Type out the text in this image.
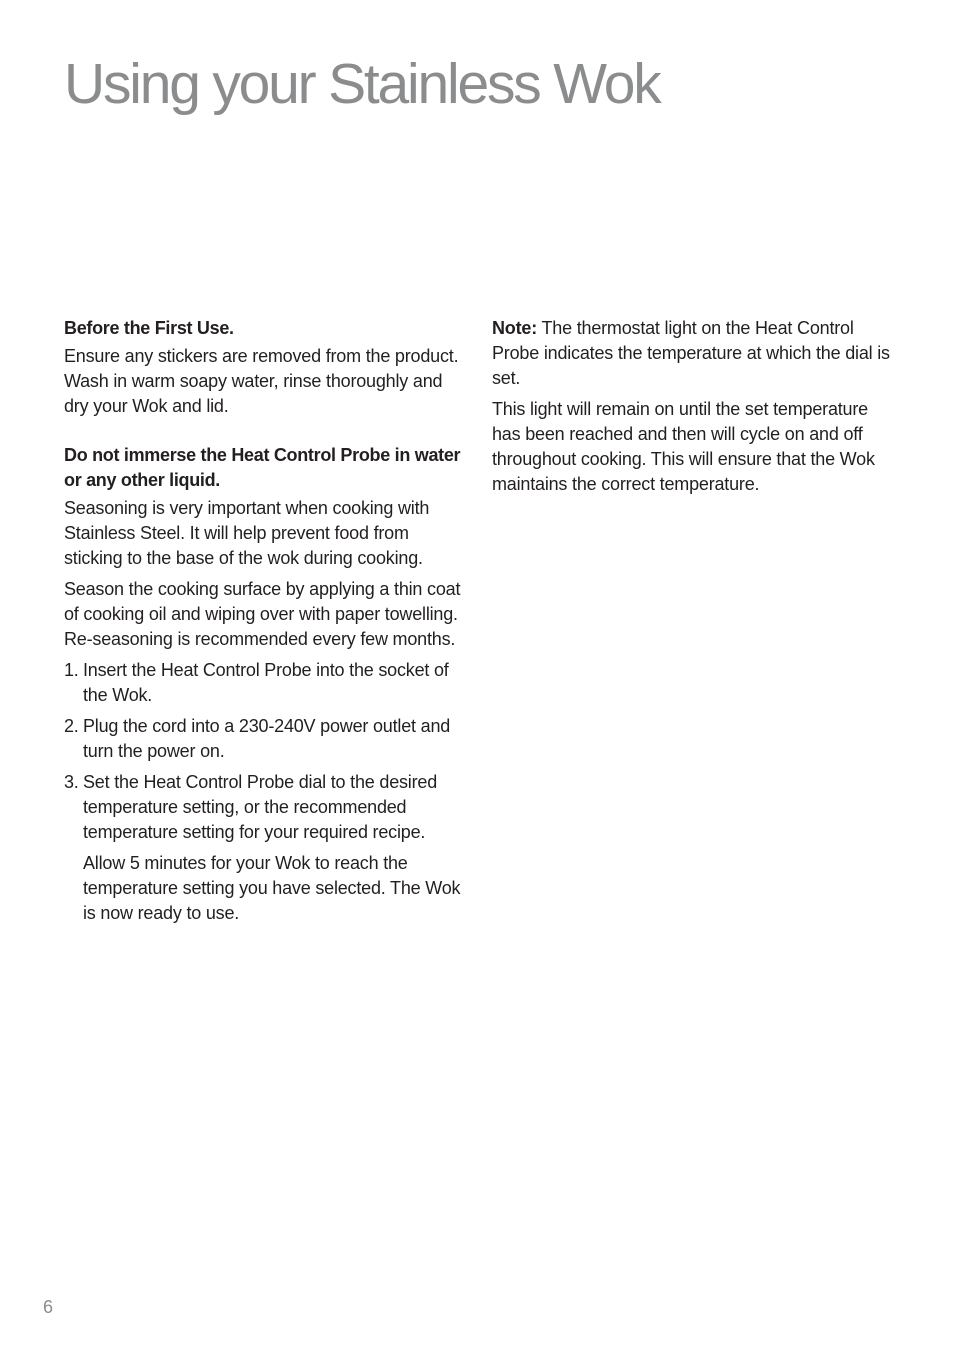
Using your Stainless Wok

Before the First Use.

Ensure any stickers are removed from the product. Wash in warm soapy water, rinse thoroughly and dry your Wok and lid.

Do not immerse the Heat Control Probe in water or any other liquid.

Seasoning is very important when cooking with Stainless Steel. It will help prevent food from sticking to the base of the wok during cooking.

Season the cooking surface by applying a thin coat of cooking oil and wiping over with paper towelling. Re-seasoning is recommended every few months.

1. Insert the Heat Control Probe into the socket of the Wok.
2. Plug the cord into a 230-240V power outlet and turn the power on.
3. Set the Heat Control Probe dial to the desired temperature setting, or the recommended temperature setting for your required recipe.

Allow 5 minutes for your Wok to reach the temperature setting you have selected. The Wok is now ready to use.

Note: The thermostat light on the Heat Control Probe indicates the temperature at which the dial is set.

This light will remain on until the set temperature has been reached and then will cycle on and off throughout cooking. This will ensure that the Wok maintains the correct temperature.

6
